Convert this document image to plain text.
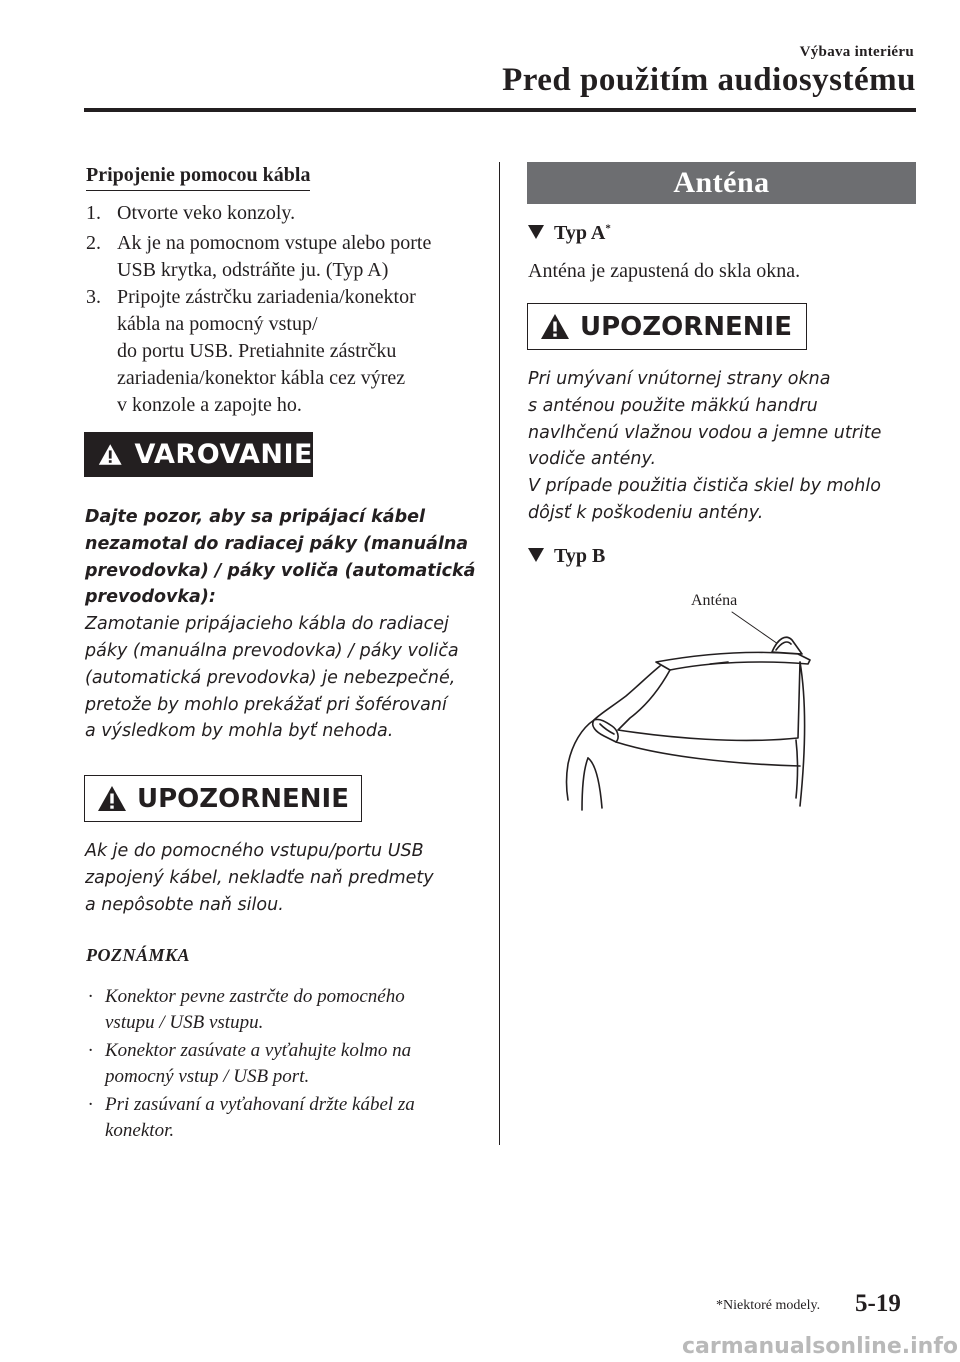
Výbava interiéru
Pred použitím audiosystému
Pripojenie pomocou kábla
1. Otvorte veko konzoly.
2. Ak je na pomocnom vstupe alebo porte
USB krytka, odstráňte ju. (Typ A)
3. Pripojte zástrčku zariadenia/konektor
kábla na pomocný vstup/
do portu USB. Pretiahnite zástrčku
zariadenia/konektor kábla cez výrez
v konzole a zapojte ho.
VAROVANIE
Dajte pozor, aby sa pripájací kábel
nezamotal do radiacej páky (manuálna
prevodovka) / páky voliča (automatická
prevodovka):
Zamotanie pripájacieho kábla do radiacej
páky (manuálna prevodovka) / páky voliča
(automatická prevodovka) je nebezpečné,
pretože by mohlo prekážať pri šoférovaní
a výsledkom by mohla byť nehoda.
UPOZORNENIE
Ak je do pomocného vstupu/portu USB
zapojený kábel, nekladťe naň predmety
a nepôsobte naň silou.
POZNÁMKA
· Konektor pevne zastrčte do pomocného
vstupu / USB vstupu.
· Konektor zasúvate a vyťahujte kolmo na
pomocný vstup / USB port.
· Pri zasúvaní a vyťahovaní držte kábel za
konektor.
Anténa
Typ A*
Anténa je zapustená do skla okna.
UPOZORNENIE
Pri umývaní vnútornej strany okna
s anténou použite mäkkú handru
navlhčenú vlažnou vodou a jemne utrite
vodiče antény.
V prípade použitia čističa skiel by mohlo
dôjsť k poškodeniu antény.
Typ B
Anténa
*Niektoré modely. 5-19
carmanualsonline.info
